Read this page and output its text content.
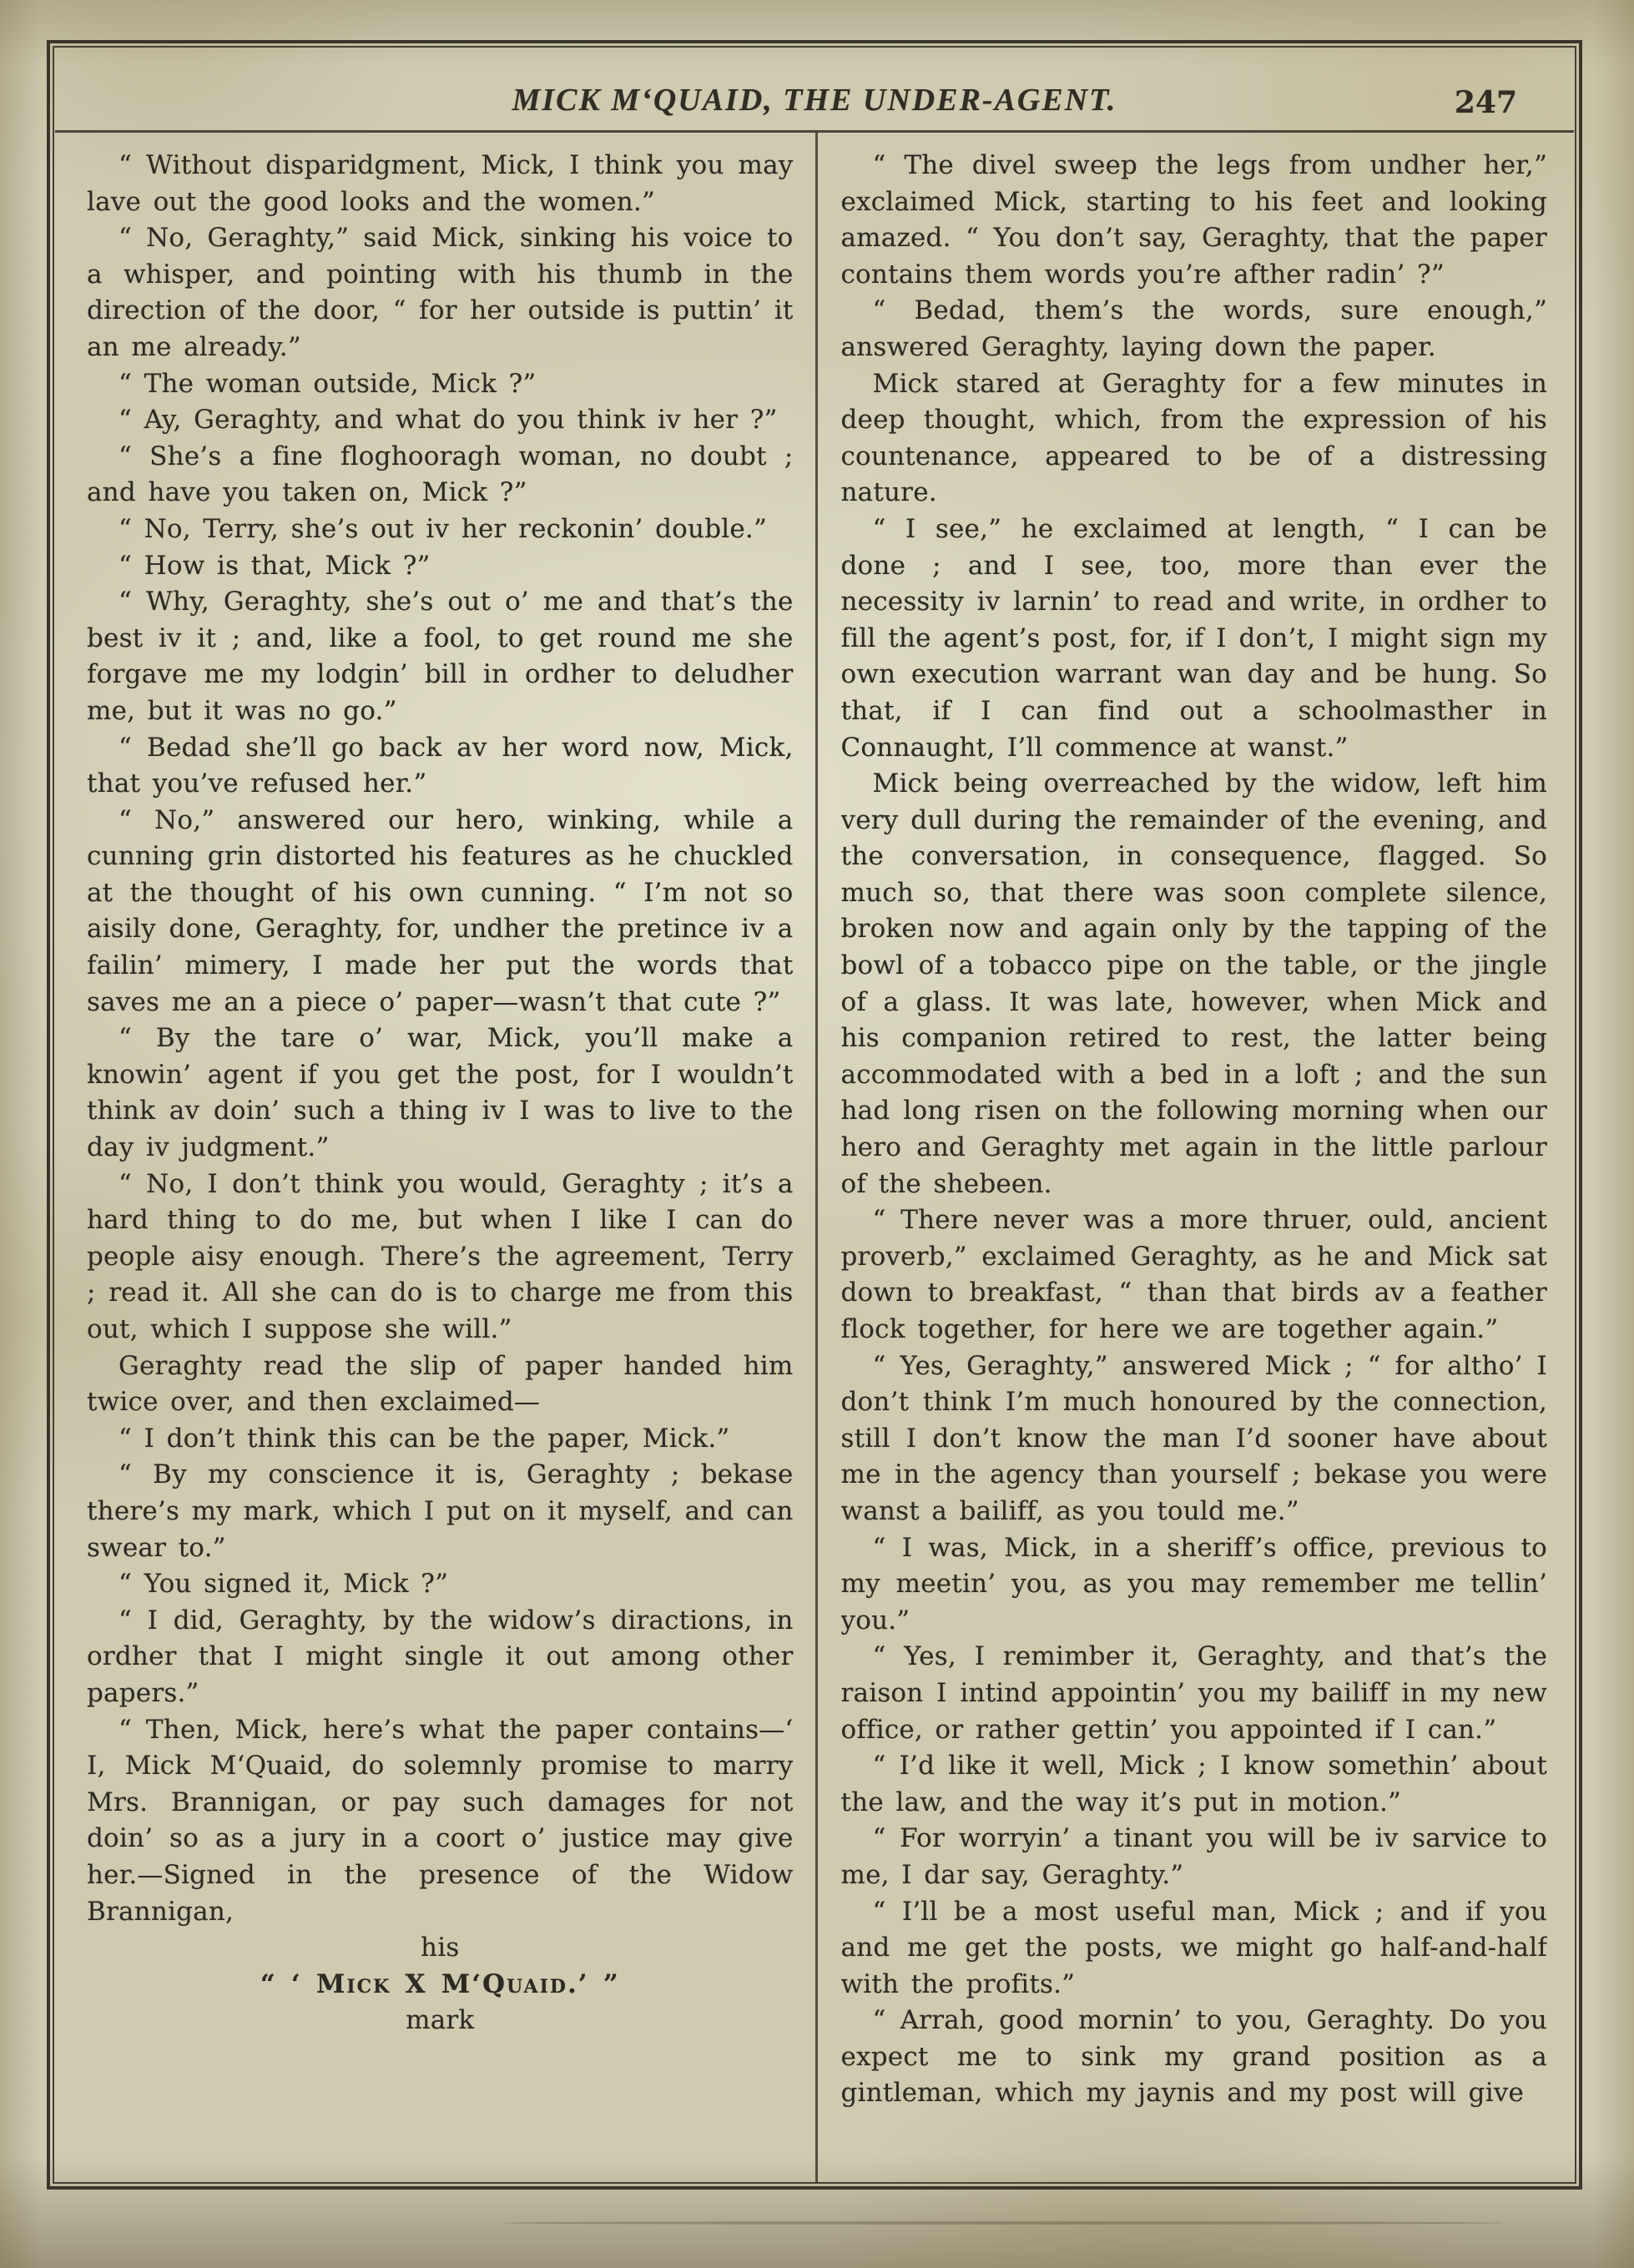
MICK M‘QUAID, THE UNDER-AGENT.	247

“ Without disparidgment, Mick, I think you may lave out the good looks and the women.”

“ No, Geraghty,” said Mick, sinking his voice to a whisper, and pointing with his thumb in the direction of the door, “ for her outside is puttin’ it an me already.”

“ The woman outside, Mick ?”

“ Ay, Geraghty, and what do you think iv her ?”

“ She’s a fine floghooragh woman, no doubt ; and have you taken on, Mick ?”

“ No, Terry, she’s out iv her reckonin’ double.”

“ How is that, Mick ?”

“ Why, Geraghty, she’s out o’ me and that’s the best iv it ; and, like a fool, to get round me she forgave me my lodgin’ bill in ordher to deludher me, but it was no go.”

“ Bedad she’ll go back av her word now, Mick, that you’ve refused her.”

“ No,” answered our hero, winking, while a cunning grin distorted his features as he chuckled at the thought of his own cunning. “ I’m not so aisily done, Geraghty, for, undher the pretince iv a failin’ mimery, I made her put the words that saves me an a piece o’ paper—wasn’t that cute ?”

“ By the tare o’ war, Mick, you’ll make a knowin’ agent if you get the post, for I wouldn’t think av doin’ such a thing iv I was to live to the day iv judgment.”

“ No, I don’t think you would, Geraghty ; it’s a hard thing to do me, but when I like I can do people aisy enough. There’s the agreement, Terry ; read it. All she can do is to charge me from this out, which I suppose she will.”

Geraghty read the slip of paper handed him twice over, and then exclaimed—

“ I don’t think this can be the paper, Mick.”

“ By my conscience it is, Geraghty ; bekase there’s my mark, which I put on it myself, and can swear to.”

“ You signed it, Mick ?”

“ I did, Geraghty, by the widow’s diractions, in ordher that I might single it out among other papers.”

“ Then, Mick, here’s what the paper contains—‘ I, Mick M‘Quaid, do solemnly promise to marry Mrs. Brannigan, or pay such damages for not doin’ so as a jury in a coort o’ justice may give her.—Signed in the presence of the Widow Brannigan,

his

“ ‘ Mick X M‘Quaid.’ ”

mark

“ The divel sweep the legs from undher her,” exclaimed Mick, starting to his feet and looking amazed. “ You don’t say, Geraghty, that the paper contains them words you’re afther radin’ ?”

“ Bedad, them’s the words, sure enough,” answered Geraghty, laying down the paper.

Mick stared at Geraghty for a few minutes in deep thought, which, from the expression of his countenance, appeared to be of a distressing nature.

“ I see,” he exclaimed at length, “ I can be done ; and I see, too, more than ever the necessity iv larnin’ to read and write, in ordher to fill the agent’s post, for, if I don’t, I might sign my own execution warrant wan day and be hung. So that, if I can find out a schoolmasther in Connaught, I’ll commence at wanst.”

Mick being overreached by the widow, left him very dull during the remainder of the evening, and the conversation, in consequence, flagged. So much so, that there was soon complete silence, broken now and again only by the tapping of the bowl of a tobacco pipe on the table, or the jingle of a glass. It was late, however, when Mick and his companion retired to rest, the latter being accommodated with a bed in a loft ; and the sun had long risen on the following morning when our hero and Geraghty met again in the little parlour of the shebeen.

“ There never was a more thruer, ould, ancient proverb,” exclaimed Geraghty, as he and Mick sat down to breakfast, “ than that birds av a feather flock together, for here we are together again.”

“ Yes, Geraghty,” answered Mick ; “ for altho’ I don’t think I’m much honoured by the connection, still I don’t know the man I’d sooner have about me in the agency than yourself ; bekase you were wanst a bailiff, as you tould me.”

“ I was, Mick, in a sheriff’s office, previous to my meetin’ you, as you may remember me tellin’ you.”

“ Yes, I remimber it, Geraghty, and that’s the raison I intind appointin’ you my bailiff in my new office, or rather gettin’ you appointed if I can.”

“ I’d like it well, Mick ; I know somethin’ about the law, and the way it’s put in motion.”

“ For worryin’ a tinant you will be iv sarvice to me, I dar say, Geraghty.”

“ I’ll be a most useful man, Mick ; and if you and me get the posts, we might go half-and-half with the profits.”

“ Arrah, good mornin’ to you, Geraghty. Do you expect me to sink my grand position as a gintleman, which my jaynis and my post will give
